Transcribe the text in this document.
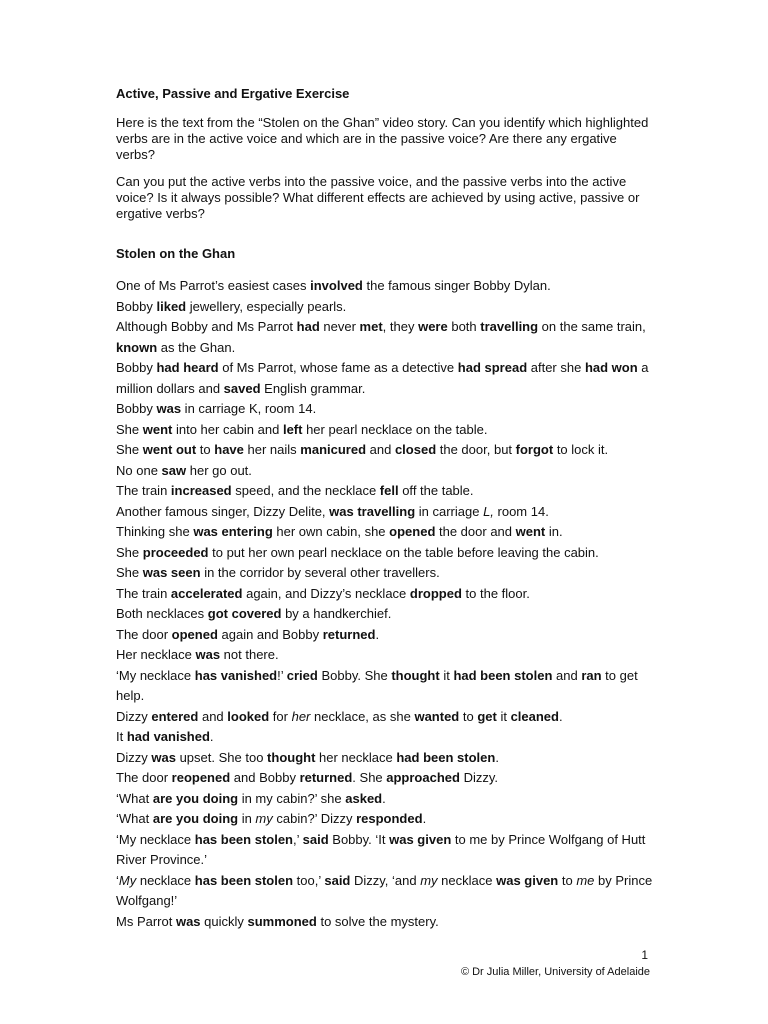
Active, Passive and Ergative Exercise
Here is the text from the “Stolen on the Ghan” video story. Can you identify which highlighted verbs are in the active voice and which are in the passive voice? Are there any ergative verbs?
Can you put the active verbs into the passive voice, and the passive verbs into the active voice? Is it always possible? What different effects are achieved by using active, passive or ergative verbs?
Stolen on the Ghan
One of Ms Parrot’s easiest cases involved the famous singer Bobby Dylan.
Bobby liked jewellery, especially pearls.
Although Bobby and Ms Parrot had never met, they were both travelling on the same train, known as the Ghan.
Bobby had heard of Ms Parrot, whose fame as a detective had spread after she had won a million dollars and saved English grammar.
Bobby was in carriage K, room 14.
She went into her cabin and left her pearl necklace on the table.
She went out to have her nails manicured and closed the door, but forgot to lock it.
No one saw her go out.
The train increased speed, and the necklace fell off the table.
Another famous singer, Dizzy Delite, was travelling in carriage L, room 14.
Thinking she was entering her own cabin, she opened the door and went in.
She proceeded to put her own pearl necklace on the table before leaving the cabin.
She was seen in the corridor by several other travellers.
The train accelerated again, and Dizzy’s necklace dropped to the floor.
Both necklaces got covered by a handkerchief.
The door opened again and Bobby returned.
Her necklace was not there.
‘My necklace has vanished!’ cried Bobby. She thought it had been stolen and ran to get help.
Dizzy entered and looked for her necklace, as she wanted to get it cleaned.
It had vanished.
Dizzy was upset. She too thought her necklace had been stolen.
The door reopened and Bobby returned. She approached Dizzy.
‘What are you doing in my cabin?’ she asked.
‘What are you doing in my cabin?’ Dizzy responded.
‘My necklace has been stolen,’ said Bobby. ‘It was given to me by Prince Wolfgang of Hutt River Province.’
‘My necklace has been stolen too,’ said Dizzy, ‘and my necklace was given to me by Prince Wolfgang!’
Ms Parrot was quickly summoned to solve the mystery.
1
© Dr Julia Miller, University of Adelaide
